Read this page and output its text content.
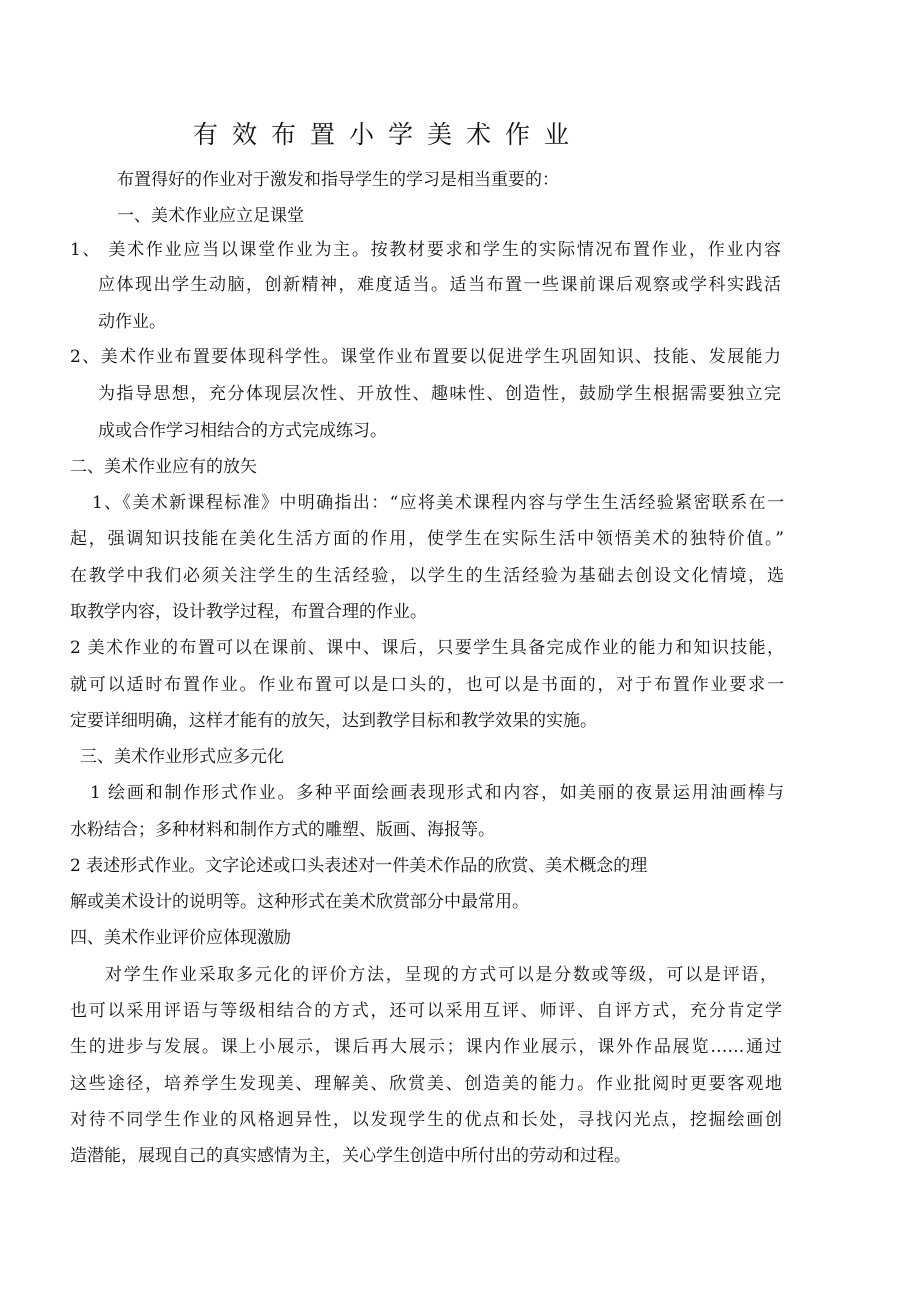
有效布置小学美术作业
布置得好的作业对于激发和指导学生的学习是相当重要的：
一、美术作业应立足课堂
1、 美术作业应当以课堂作业为主。按教材要求和学生的实际情况布置作业，作业内容
应体现出学生动脑，创新精神，难度适当。适当布置一些课前课后观察或学科实践活
动作业。
2、美术作业布置要体现科学性。课堂作业布置要以促进学生巩固知识、技能、发展能力
为指导思想，充分体现层次性、开放性、趣味性、创造性，鼓励学生根据需要独立完
成或合作学习相结合的方式完成练习。
二、美术作业应有的放矢
1、《美术新课程标准》中明确指出：“应将美术课程内容与学生生活经验紧密联系在一
起，强调知识技能在美化生活方面的作用，使学生在实际生活中领悟美术的独特价值。”
在教学中我们必须关注学生的生活经验，以学生的生活经验为基础去创设文化情境，选
取教学内容，设计教学过程，布置合理的作业。
2 美术作业的布置可以在课前、课中、课后，只要学生具备完成作业的能力和知识技能，
就可以适时布置作业。作业布置可以是口头的，也可以是书面的，对于布置作业要求一
定要详细明确，这样才能有的放矢，达到教学目标和教学效果的实施。
三、美术作业形式应多元化
1 绘画和制作形式作业。多种平面绘画表现形式和内容，如美丽的夜景运用油画棒与
水粉结合；多种材料和制作方式的雕塑、版画、海报等。
2 表述形式作业。文字论述或口头表述对一件美术作品的欣赏、美术概念的理
解或美术设计的说明等。这种形式在美术欣赏部分中最常用。
四、美术作业评价应体现激励
对学生作业采取多元化的评价方法，呈现的方式可以是分数或等级，可以是评语，
也可以采用评语与等级相结合的方式，还可以采用互评、师评、自评方式，充分肯定学
生的进步与发展。课上小展示，课后再大展示；课内作业展示，课外作品展览……通过
这些途径，培养学生发现美、理解美、欣赏美、创造美的能力。作业批阅时更要客观地
对待不同学生作业的风格迥异性，以发现学生的优点和长处，寻找闪光点，挖掘绘画创
造潜能，展现自己的真实感情为主，关心学生创造中所付出的劳动和过程。
